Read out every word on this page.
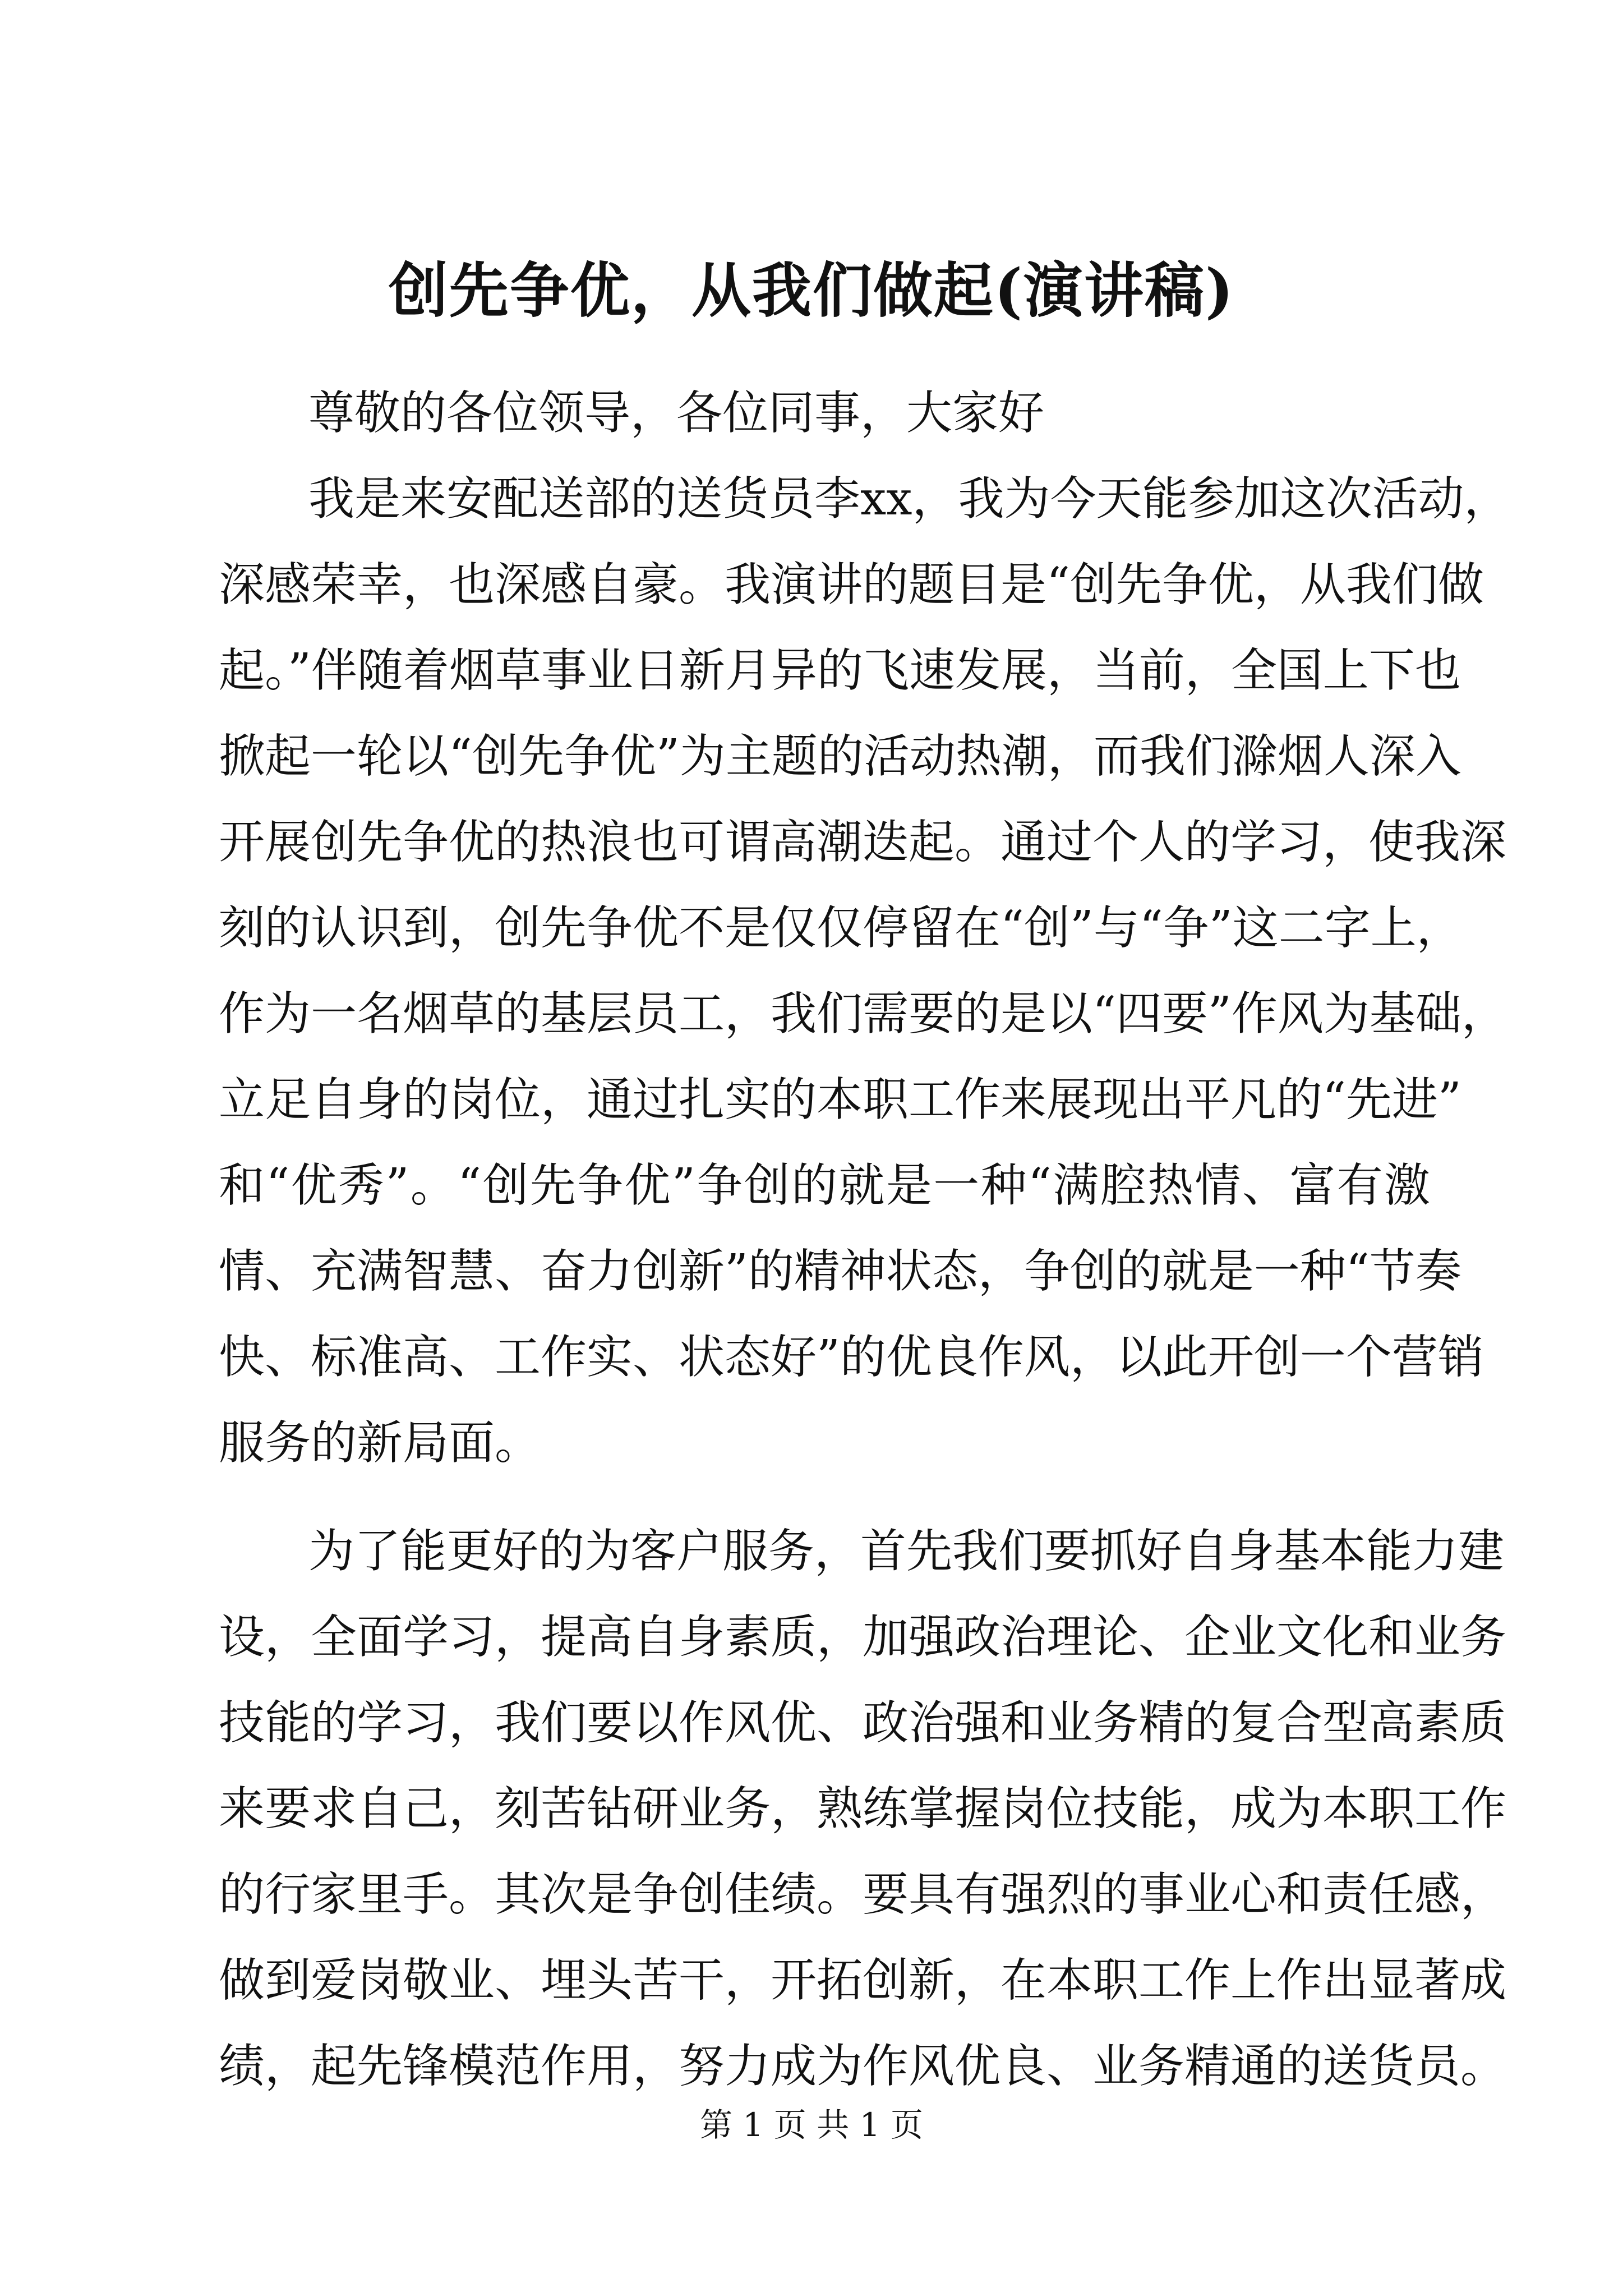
创先争优，从我们做起(演讲稿)
尊敬的各位领导，各位同事，大家好
我是来安配送部的送货员李xx，我为今天能参加这次活动，
深感荣幸，也深感自豪。我演讲的题目是“创先争优，从我们做
起。”伴随着烟草事业日新月异的飞速发展，当前，全国上下也
掀起一轮以“创先争优”为主题的活动热潮，而我们滁烟人深入
开展创先争优的热浪也可谓高潮迭起。通过个人的学习，使我深
刻的认识到，创先争优不是仅仅停留在“创”与“争”这二字上，
作为一名烟草的基层员工，我们需要的是以“四要”作风为基础，
立足自身的岗位，通过扎实的本职工作来展现出平凡的“先进”
和“优秀”。“创先争优”争创的就是一种“满腔热情、富有激
情、充满智慧、奋力创新”的精神状态，争创的就是一种“节奏
快、标准高、工作实、状态好”的优良作风，以此开创一个营销
服务的新局面。
为了能更好的为客户服务，首先我们要抓好自身基本能力建
设，全面学习，提高自身素质，加强政治理论、企业文化和业务
技能的学习，我们要以作风优、政治强和业务精的复合型高素质
来要求自己，刻苦钻研业务，熟练掌握岗位技能，成为本职工作
的行家里手。其次是争创佳绩。要具有强烈的事业心和责任感，
做到爱岗敬业、埋头苦干，开拓创新，在本职工作上作出显著成
绩，起先锋模范作用，努力成为作风优良、业务精通的送货员。
第 1 页 共 1 页
